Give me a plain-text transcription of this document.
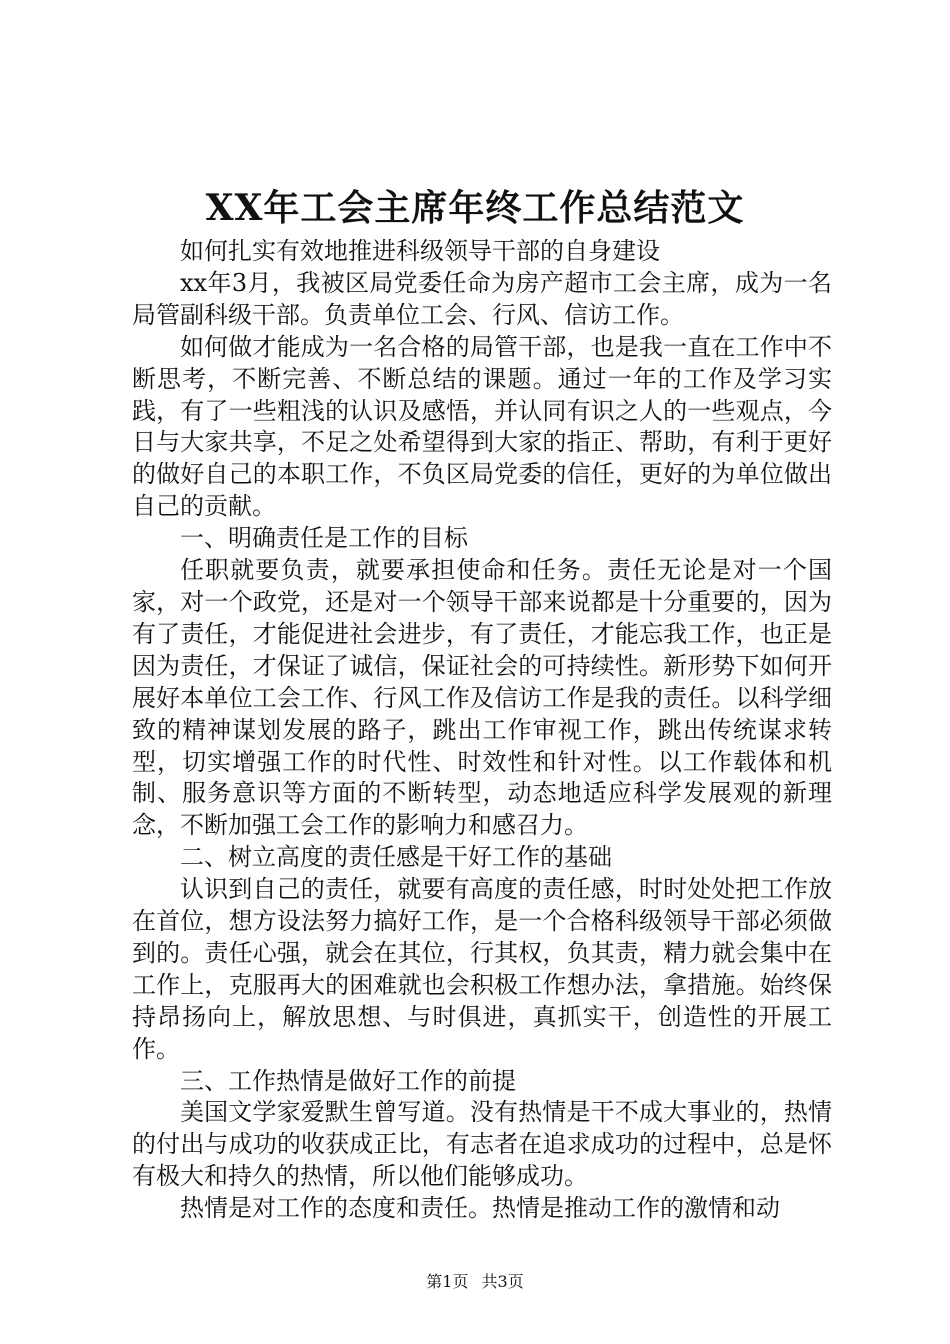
XX年工会主席年终工作总结范文

如何扎实有效地推进科级领导干部的自身建设

xx年3月，我被区局党委任命为房产超市工会主席，成为一名局管副科级干部。负责单位工会、行风、信访工作。

如何做才能成为一名合格的局管干部，也是我一直在工作中不断思考，不断完善、不断总结的课题。通过一年的工作及学习实践，有了一些粗浅的认识及感悟，并认同有识之人的一些观点，今日与大家共享，不足之处希望得到大家的指正、帮助，有利于更好的做好自己的本职工作，不负区局党委的信任，更好的为单位做出自己的贡献。

一、明确责任是工作的目标

任职就要负责，就要承担使命和任务。责任无论是对一个国家，对一个政党，还是对一个领导干部来说都是十分重要的，因为有了责任，才能促进社会进步，有了责任，才能忘我工作，也正是因为责任，才保证了诚信，保证社会的可持续性。新形势下如何开展好本单位工会工作、行风工作及信访工作是我的责任。以科学细致的精神谋划发展的路子，跳出工作审视工作，跳出传统谋求转型，切实增强工作的时代性、时效性和针对性。以工作载体和机制、服务意识等方面的不断转型，动态地适应科学发展观的新理念，不断加强工会工作的影响力和感召力。

二、树立高度的责任感是干好工作的基础

认识到自己的责任，就要有高度的责任感，时时处处把工作放在首位，想方设法努力搞好工作，是一个合格科级领导干部必须做到的。责任心强，就会在其位，行其权，负其责，精力就会集中在工作上，克服再大的困难就也会积极工作想办法，拿措施。始终保持昂扬向上，解放思想、与时俱进，真抓实干，创造性的开展工作。

三、工作热情是做好工作的前提

美国文学家爱默生曾写道。没有热情是干不成大事业的，热情的付出与成功的收获成正比，有志者在追求成功的过程中，总是怀有极大和持久的热情，所以他们能够成功。

热情是对工作的态度和责任。热情是推动工作的激情和动

第1页 共3页
